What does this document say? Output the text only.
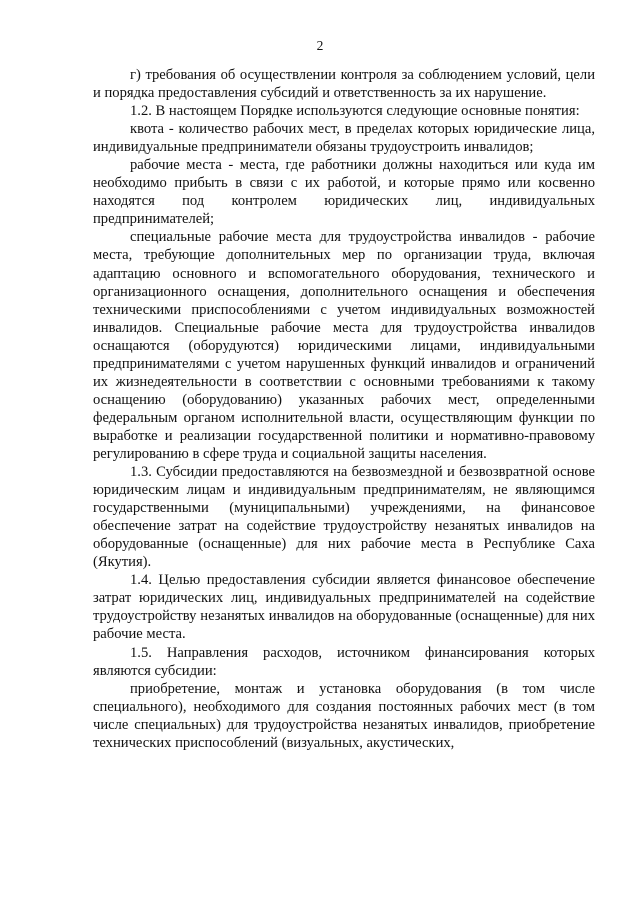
2

г) требования об осуществлении контроля за соблюдением условий, цели и порядка предоставления субсидий и ответственность за их нарушение.

1.2. В настоящем Порядке используются следующие основные понятия:

квота - количество рабочих мест, в пределах которых юридические лица, индивидуальные предприниматели обязаны трудоустроить инвалидов;

рабочие места - места, где работники должны находиться или куда им необходимо прибыть в связи с их работой, и которые прямо или косвенно находятся под контролем юридических лиц, индивидуальных предпринимателей;

специальные рабочие места для трудоустройства инвалидов - рабочие места, требующие дополнительных мер по организации труда, включая адаптацию основного и вспомогательного оборудования, технического и организационного оснащения, дополнительного оснащения и обеспечения техническими приспособлениями с учетом индивидуальных возможностей инвалидов. Специальные рабочие места для трудоустройства инвалидов оснащаются (оборудуются) юридическими лицами, индивидуальными предпринимателями с учетом нарушенных функций инвалидов и ограничений их жизнедеятельности в соответствии с основными требованиями к такому оснащению (оборудованию) указанных рабочих мест, определенными федеральным органом исполнительной власти, осуществляющим функции по выработке и реализации государственной политики и нормативно-правовому регулированию в сфере труда и социальной защиты населения.

1.3. Субсидии предоставляются на безвозмездной и безвозвратной основе юридическим лицам и индивидуальным предпринимателям, не являющимся государственными (муниципальными) учреждениями, на финансовое обеспечение затрат на содействие трудоустройству незанятых инвалидов на оборудованные (оснащенные) для них рабочие места в Республике Саха (Якутия).

1.4. Целью предоставления субсидии является финансовое обеспечение затрат юридических лиц, индивидуальных предпринимателей на содействие трудоустройству незанятых инвалидов на оборудованные (оснащенные) для них рабочие места.

1.5. Направления расходов, источником финансирования которых являются субсидии:

приобретение, монтаж и установка оборудования (в том числе специального), необходимого для создания постоянных рабочих мест (в том числе специальных) для трудоустройства незанятых инвалидов, приобретение технических приспособлений (визуальных, акустических,
